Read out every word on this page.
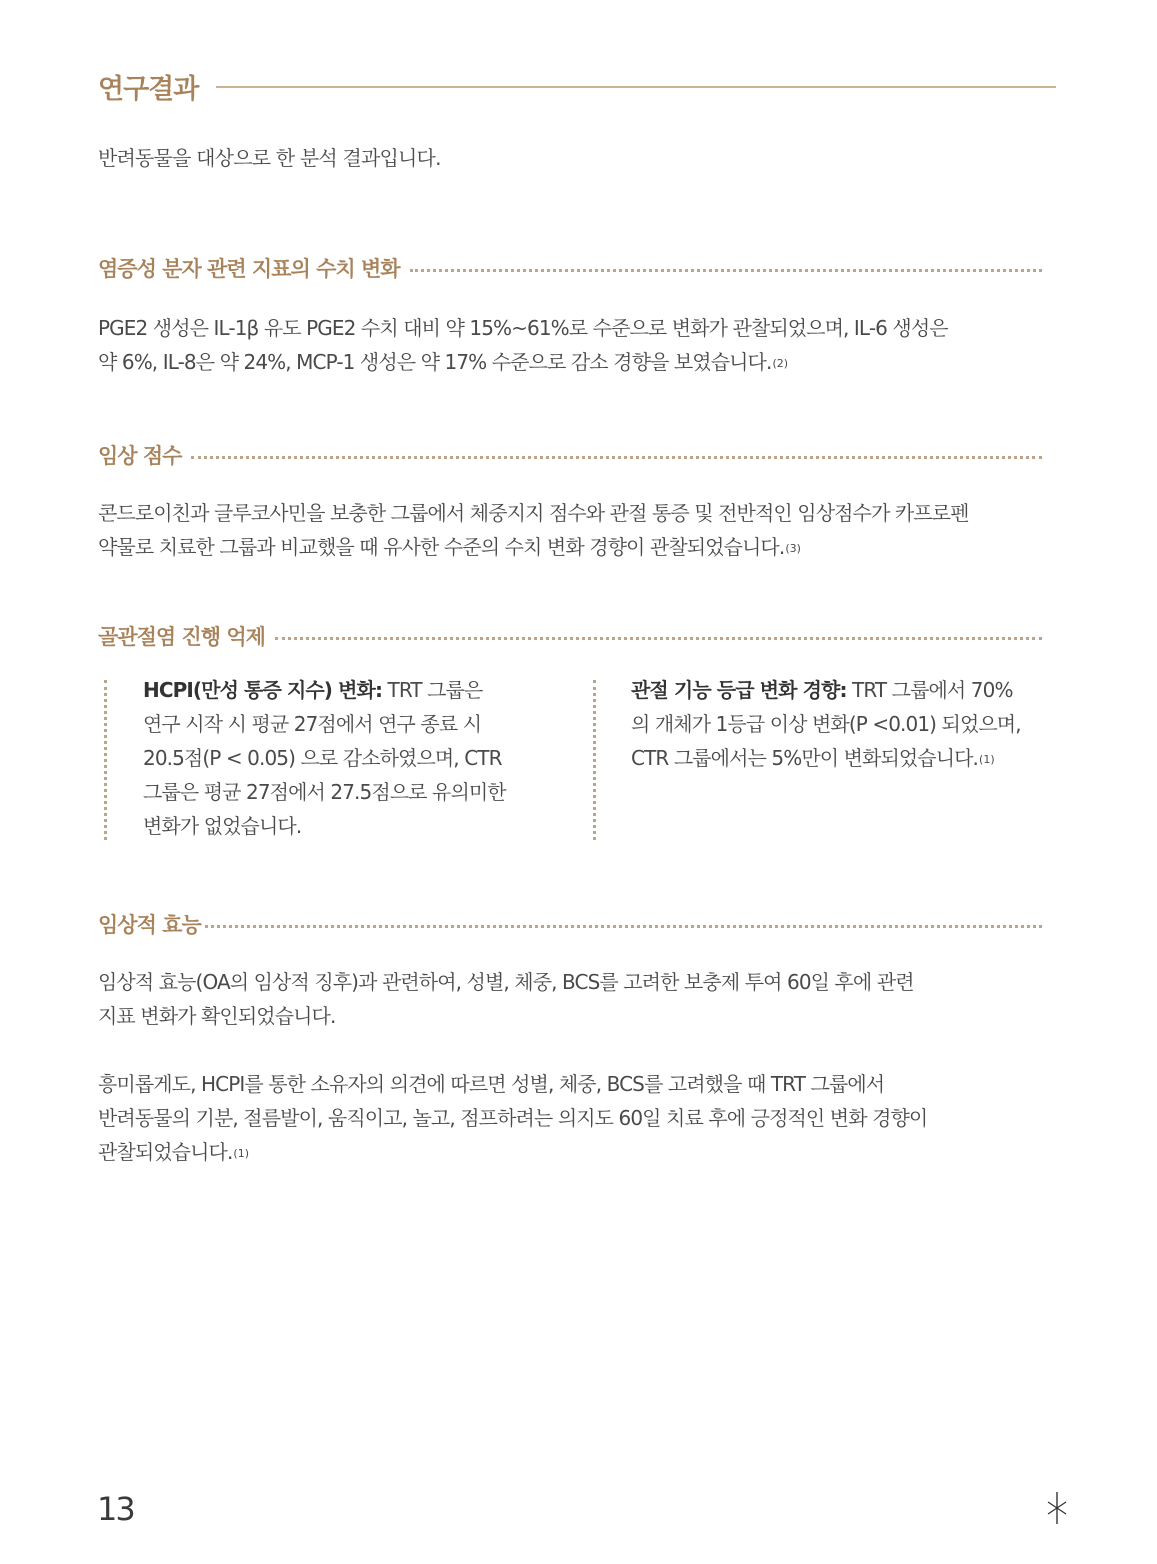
연구결과
반려동물을 대상으로 한 분석 결과입니다.
염증성 분자 관련 지표의 수치 변화
PGE2 생성은 IL-1β 유도 PGE2 수치 대비 약 15%~61%로 수준으로 변화가 관찰되었으며, IL-6 생성은
약 6%, IL-8은 약 24%, MCP-1 생성은 약 17% 수준으로 감소 경향을 보였습니다.(2)
임상 점수
콘드로이친과 글루코사민을 보충한 그룹에서 체중지지 점수와 관절 통증 및 전반적인 임상점수가 카프로펜
약물로 치료한 그룹과 비교했을 때 유사한 수준의 수치 변화 경향이 관찰되었습니다.(3)
골관절염 진행 억제
HCPI(만성 통증 지수) 변화: TRT 그룹은
연구 시작 시 평균 27점에서 연구 종료 시
20.5점(P < 0.05) 으로 감소하였으며, CTR
그룹은 평균 27점에서 27.5점으로 유의미한
변화가 없었습니다.
관절 기능 등급 변화 경향: TRT 그룹에서 70%
의 개체가 1등급 이상 변화(P <0.01) 되었으며,
CTR 그룹에서는 5%만이 변화되었습니다.(1)
임상적 효능
임상적 효능(OA의 임상적 징후)과 관련하여, 성별, 체중, BCS를 고려한 보충제 투여 60일 후에 관련
지표 변화가 확인되었습니다.
흥미롭게도, HCPI를 통한 소유자의 의견에 따르면 성별, 체중, BCS를 고려했을 때 TRT 그룹에서
반려동물의 기분, 절름발이, 움직이고, 놀고, 점프하려는 의지도 60일 치료 후에 긍정적인 변화 경향이
관찰되었습니다.(1)
13
